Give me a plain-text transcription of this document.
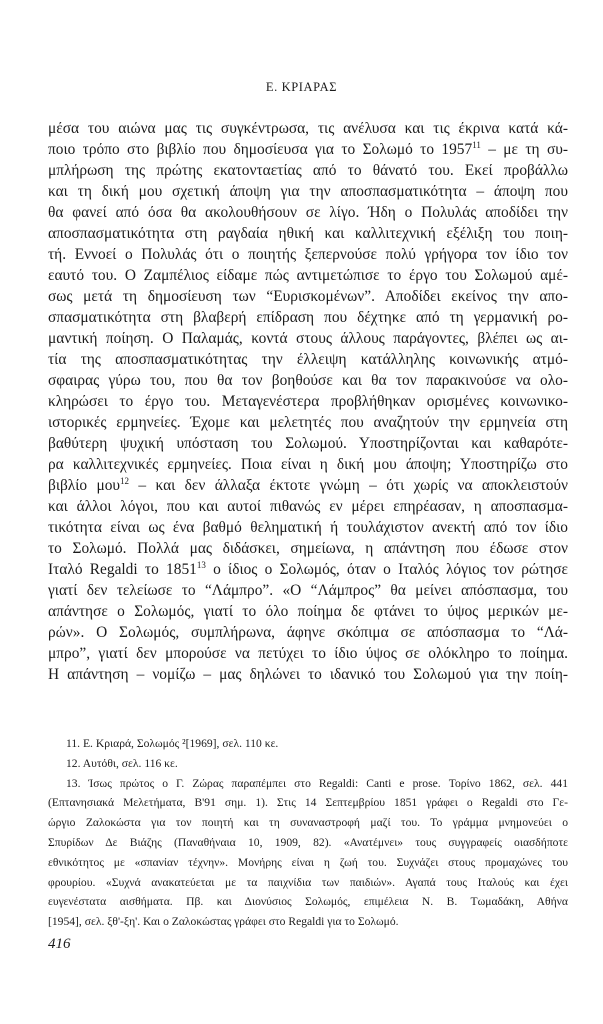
Ε. ΚΡΙΑΡΑΣ
μέσα του αιώνα μας τις συγκέντρωσα, τις ανέλυσα και τις έκρινα κατά κά-
ποιο τρόπο στο βιβλίο που δημοσίευσα για το Σολωμό το 1957$^{11}$ – με τη συ-
μπλήρωση της πρώτης εκατονταετίας από το θάνατό του. Εκεί προβάλλω
και τη δική μου σχετική άποψη για την αποσπασματικότητα – άποψη που
θα φανεί από όσα θα ακολουθήσουν σε λίγο. Ήδη ο Πολυλάς αποδίδει την
αποσπασματικότητα στη ραγδαία ηθική και καλλιτεχνική εξέλιξη του ποιη-
τή. Εννοεί ο Πολυλάς ότι ο ποιητής ξεπερνούσε πολύ γρήγορα τον ίδιο τον
εαυτό του. Ο Ζαμπέλιος είδαμε πώς αντιμετώπισε το έργο του Σολωμού αμέ-
σως μετά τη δημοσίευση των “Ευρισκομένων”. Αποδίδει εκείνος την απο-
σπασματικότητα στη βλαβερή επίδραση που δέχτηκε από τη γερμανική ρο-
μαντική ποίηση. Ο Παλαμάς, κοντά στους άλλους παράγοντες, βλέπει ως αι-
τία της αποσπασματικότητας την έλλειψη κατάλληλης κοινωνικής ατμό-
σφαιρας γύρω του, που θα τον βοηθούσε και θα τον παρακινούσε να ολο-
κληρώσει το έργο του. Μεταγενέστερα προβλήθηκαν ορισμένες κοινωνικο-
ιστορικές ερμηνείες. Έχομε και μελετητές που αναζητούν την ερμηνεία στη
βαθύτερη ψυχική υπόσταση του Σολωμού. Υποστηρίζονται και καθαρότε-
ρα καλλιτεχνικές ερμηνείες. Ποια είναι η δική μου άποψη; Υποστηρίζω στο
βιβλίο μου$^{12}$ – και δεν άλλαξα έκτοτε γνώμη – ότι χωρίς να αποκλειστούν
και άλλοι λόγοι, που και αυτοί πιθανώς εν μέρει επηρέασαν, η αποσπασμα-
τικότητα είναι ως ένα βαθμό θεληματική ή τουλάχιστον ανεκτή από τον ίδιο
το Σολωμό. Πολλά μας διδάσκει, σημείωνα, η απάντηση που έδωσε στον
Ιταλό Regaldi το 1851$^{13}$ ο ίδιος ο Σολωμός, όταν ο Ιταλός λόγιος τον ρώτησε
γιατί δεν τελείωσε το “Λάμπρο”. «Ο “Λάμπρος” θα μείνει απόσπασμα, του
απάντησε ο Σολωμός, γιατί το όλο ποίημα δε φτάνει το ύψος μερικών με-
ρών». Ο Σολωμός, συμπλήρωνα, άφηνε σκόπιμα σε απόσπασμα το “Λά-
μπρο”, γιατί δεν μπορούσε να πετύχει το ίδιο ύψος σε ολόκληρο το ποίημα.
Η απάντηση – νομίζω – μας δηλώνει το ιδανικό του Σολωμού για την ποίη-
11. Ε. Κριαρά, Σολωμός ²[1969], σελ. 110 κε.
12. Αυτόθι, σελ. 116 κε.
13. Ίσως πρώτος ο Γ. Ζώρας παραπέμπει στο Regaldi: Canti e prose. Τορίνο 1862, σελ. 441
(Επτανησιακά Μελετήματα, Β'91 σημ. 1). Στις 14 Σεπτεμβρίου 1851 γράφει ο Regaldi στο Γε-
ώργιο Ζαλοκώστα για τον ποιητή και τη συναναστροφή μαζί του. Το γράμμα μνημονεύει ο
Σπυρίδων Δε Βιάζης (Παναθήναια 10, 1909, 82). «Ανατέμνει» τους συγγραφείς οιασδήποτε
εθνικότητος με «σπανίαν τέχνην». Μονήρης είναι η ζωή του. Συχνάζει στους προμαχώνες του
φρουρίου. «Συχνά ανακατεύεται με τα παιχνίδια των παιδιών». Αγαπά τους Ιταλούς και έχει
ευγενέστατα αισθήματα. Πβ. και Διονύσιος Σολωμός, επιμέλεια Ν. Β. Τωμαδάκη, Αθήνα
[1954], σελ. ξθ'-ξη'. Και ο Ζαλοκώστας γράφει στο Regaldi για το Σολωμό.
416
